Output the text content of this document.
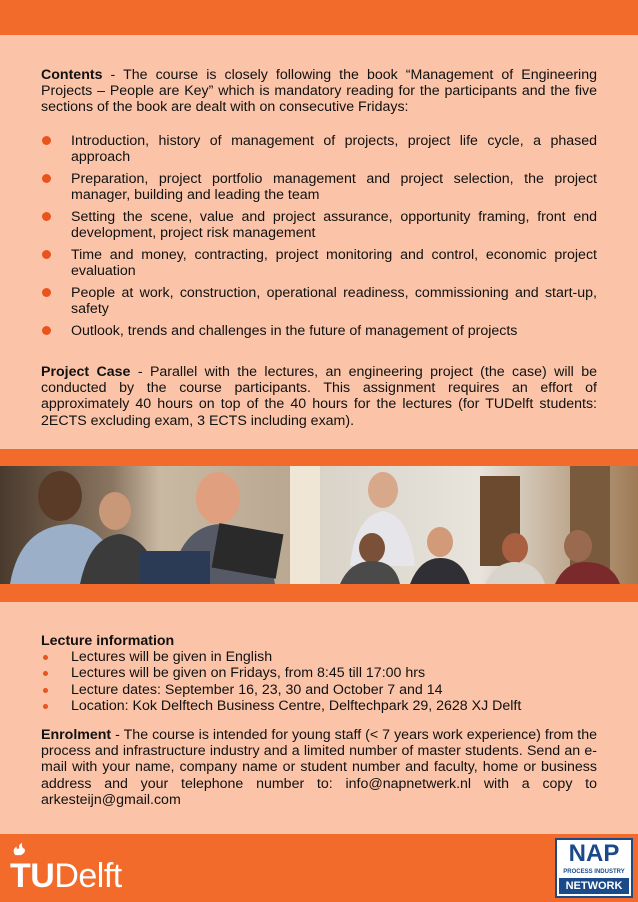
Contents - The course is closely following the book “Management of Engineering Projects – People are Key” which is mandatory reading for the participants and the five sections of the book are dealt with on consecutive Fridays:

Introduction, history of management of projects, project life cycle, a phased approach
Preparation, project portfolio management and project selection, the project manager, building and leading the team
Setting the scene, value and project assurance, opportunity framing, front end development, project risk management
Time and money, contracting, project monitoring and control, economic project evaluation
People at work, construction, operational readiness, commissioning and start-up, safety
Outlook, trends and challenges in the future of management of projects

Project Case - Parallel with the lectures, an engineering project (the case) will be conducted by the course participants. This assignment requires an effort of approximately 40 hours on top of the 40 hours for the lectures (for TUDelft students: 2ECTS excluding exam, 3 ECTS including exam).

Lecture information
Lectures will be given in English
Lectures will be given on Fridays, from 8:45 till 17:00 hrs
Lecture dates: September 16, 23, 30 and October 7 and 14
Location: Kok Delftech Business Centre, Delftechpark 29, 2628 XJ Delft

Enrolment - The course is intended for young staff (< 7 years work experience) from the process and infrastructure industry and a limited number of master students. Send an e-mail with your name, company name or student number and faculty, home or business address and your telephone number to: info@napnetwerk.nl with a copy to arkesteijn@gmail.com

TUDelft
NAP
PROCESS INDUSTRY
NETWORK
